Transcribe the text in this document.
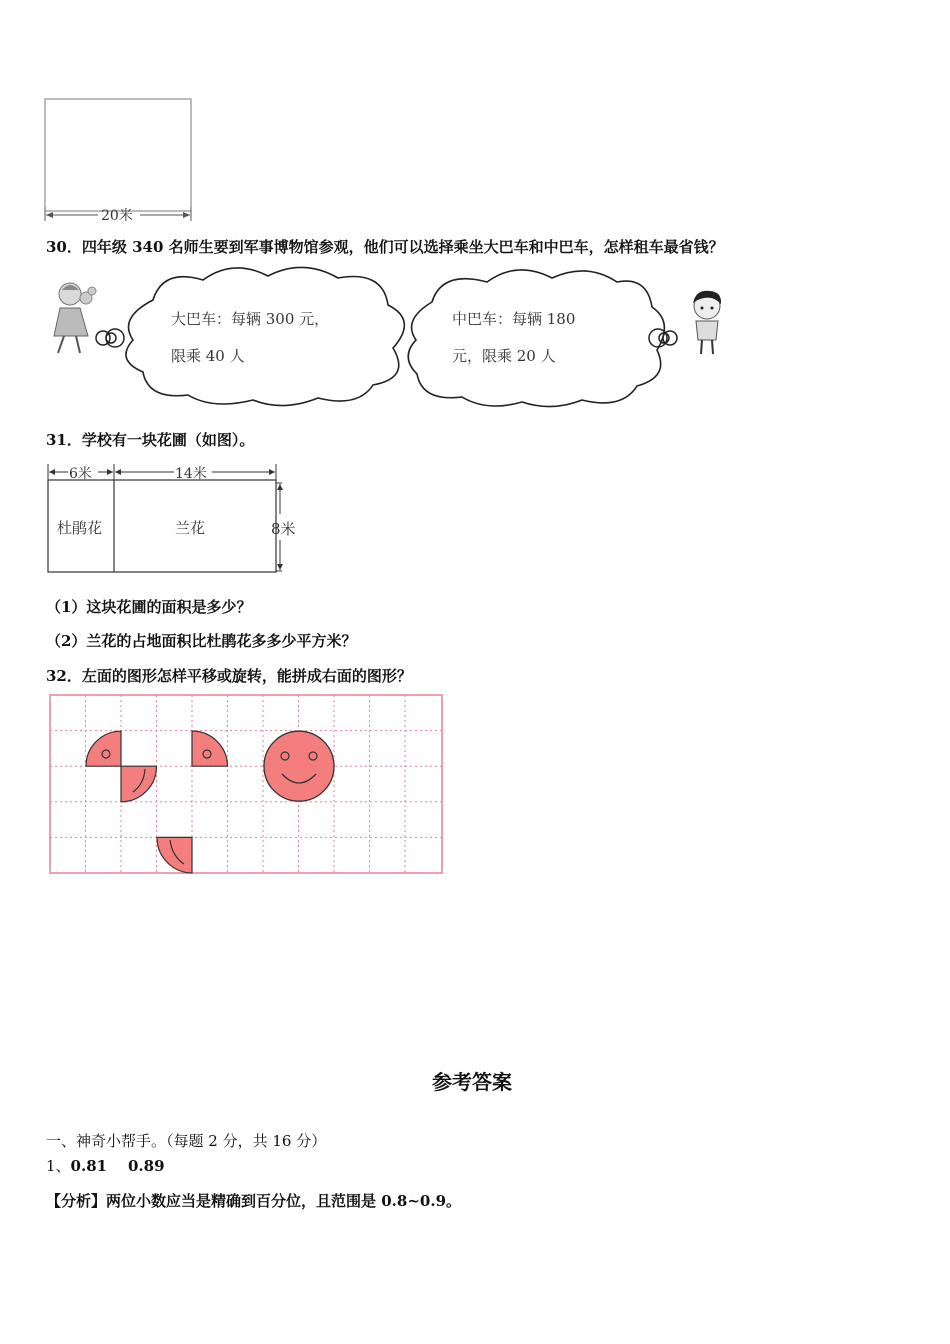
20米
30．四年级 340 名师生要到军事博物馆参观，他们可以选择乘坐大巴车和中巴车，怎样租车最省钱？
大巴车：每辆 300 元，
限乘 40 人
中巴车：每辆 180
元，限乘 20 人
31．学校有一块花圃（如图）。
6米	14米
8米
杜鹃花	兰花
（1）这块花圃的面积是多少？
（2）兰花的占地面积比杜鹃花多多少平方米？
32．左面的图形怎样平移或旋转，能拼成右面的图形？
参考答案
一、神奇小帮手。（每题 2 分，共 16 分）
1、0.81    0.89
【分析】两位小数应当是精确到百分位，且范围是 0.8~0.9。
